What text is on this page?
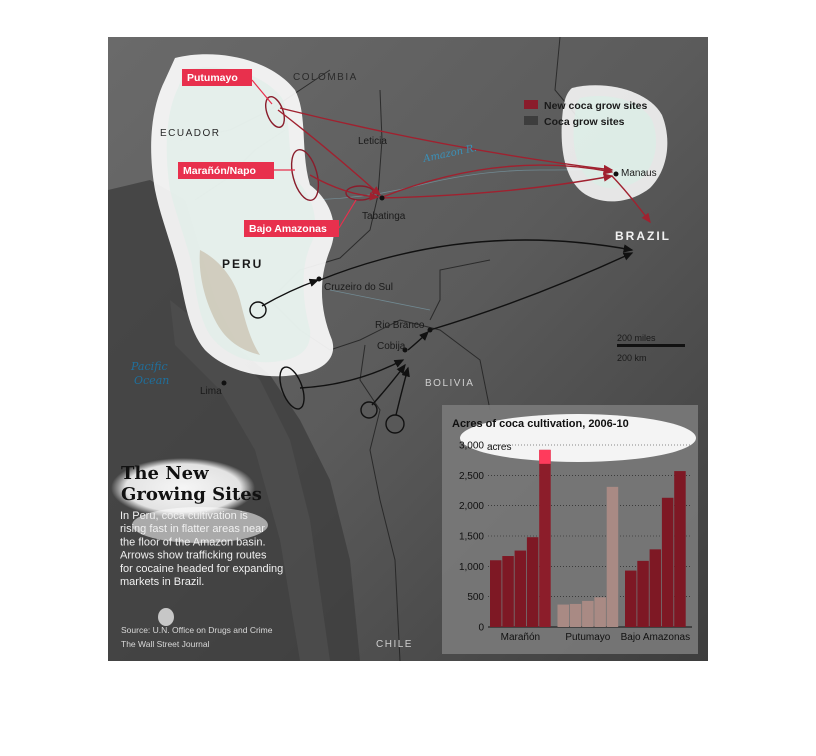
COLOMBIA
ECUADOR
PERU
BRAZIL
BOLIVIA
CHILE
Leticia
Tabatinga
Manaus
Cruzeiro do Sul
Rio Branco
Cobija
Lima
Pacific
Ocean
Amazon R.
Putumayo
Marañón/Napo
Bajo Amazonas
New coca grow sites
Coca grow sites
200 miles
200 km
The New
Growing Sites
In Peru, coca cultivation is
rising fast in flatter areas near
the floor of the Amazon basin.
Arrows show trafficking routes
for cocaine headed for expanding
markets in Brazil.
Source: U.N. Office on Drugs and Crime
The Wall Street Journal
Acres of coca cultivation, 2006-10
acres
0
500
1,000
1,500
2,000
2,500
3,000
Marañón	Putumayo Bajo Amazonas
